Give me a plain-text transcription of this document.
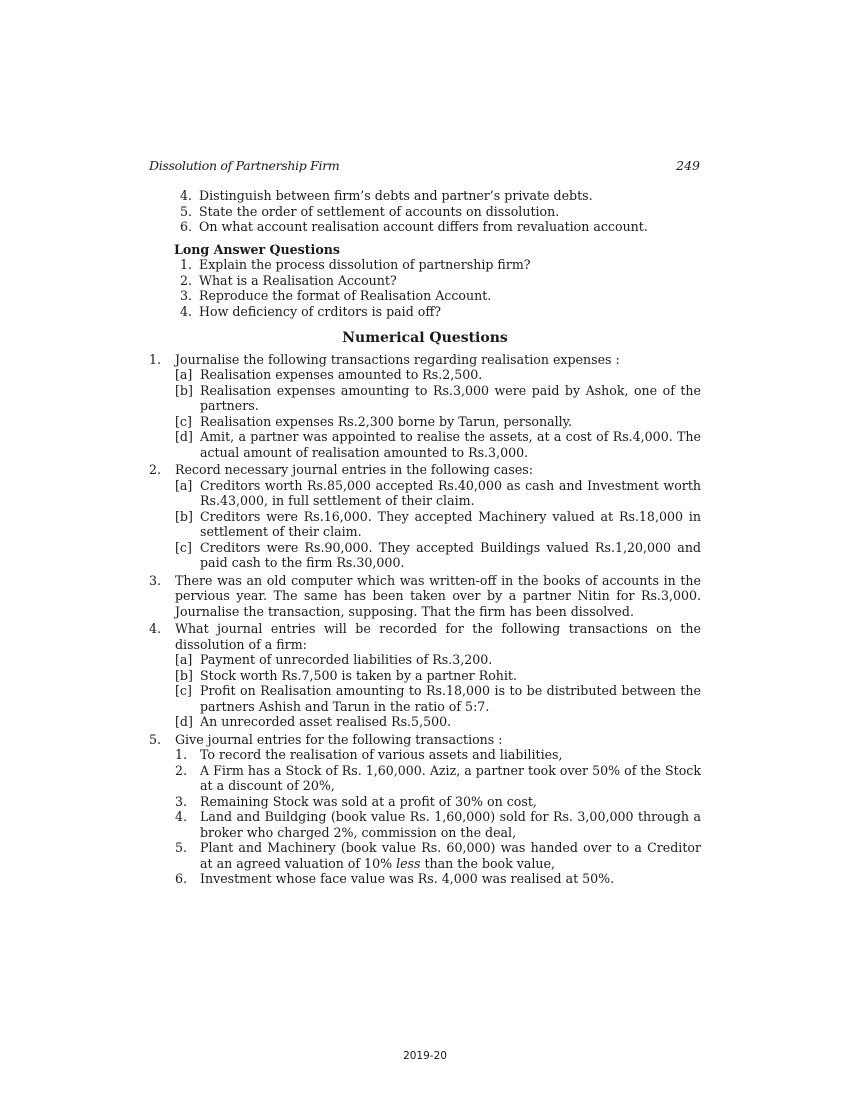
Dissolution of Partnership Firm	249
4. Distinguish between firm’s debts and partner’s private debts.
5. State the order of settlement of accounts on dissolution.
6. On what account realisation account differs from revaluation account.
Long Answer Questions
1. Explain the process dissolution of partnership firm?
2. What is a Realisation Account?
3. Reproduce the format of Realisation Account.
4. How deficiency of crditors is paid off?
Numerical Questions
1.	Journalise the following transactions regarding realisation expenses :
[a] Realisation expenses amounted to Rs.2,500.
[b] Realisation expenses amounting to Rs.3,000 were paid by Ashok, one of the partners.
[c] Realisation expenses Rs.2,300 borne by Tarun, personally.
[d] Amit, a partner was appointed to realise the assets, at a cost of Rs.4,000. The actual amount of realisation amounted to Rs.3,000.
2.	Record necessary journal entries in the following cases:
[a] Creditors worth Rs.85,000 accepted Rs.40,000 as cash and Investment worth Rs.43,000, in full settlement of their claim.
[b] Creditors were Rs.16,000. They accepted Machinery valued at Rs.18,000 in settlement of their claim.
[c] Creditors were Rs.90,000. They accepted Buildings valued Rs.1,20,000 and paid cash to the firm Rs.30,000.
3.	There was an old computer which was written-off in the books of accounts in the pervious year. The same has been taken over by a partner Nitin for Rs.3,000. Journalise the transaction, supposing. That the firm has been dissolved.
4.	What journal entries will be recorded for the following transactions on the dissolution of a firm:
[a] Payment of unrecorded liabilities of Rs.3,200.
[b] Stock worth Rs.7,500 is taken by a partner Rohit.
[c] Profit on Realisation amounting to Rs.18,000 is to be distributed between the partners Ashish and Tarun in the ratio of 5:7.
[d] An unrecorded asset realised Rs.5,500.
5.	Give journal entries for the following transactions :
1.	To record the realisation of various assets and liabilities,
2.	A Firm has a Stock of Rs. 1,60,000. Aziz, a partner took over 50% of the Stock at a discount of 20%,
3.	Remaining Stock was sold at a profit of 30% on cost,
4.	Land and Buildging (book value Rs. 1,60,000) sold for Rs. 3,00,000 through a broker who charged 2%, commission on the deal,
5.	Plant and Machinery (book value Rs. 60,000) was handed over to a Creditor at an agreed valuation of 10% less than the book value,
6.	Investment whose face value was Rs. 4,000 was realised at 50%.
2019-20
